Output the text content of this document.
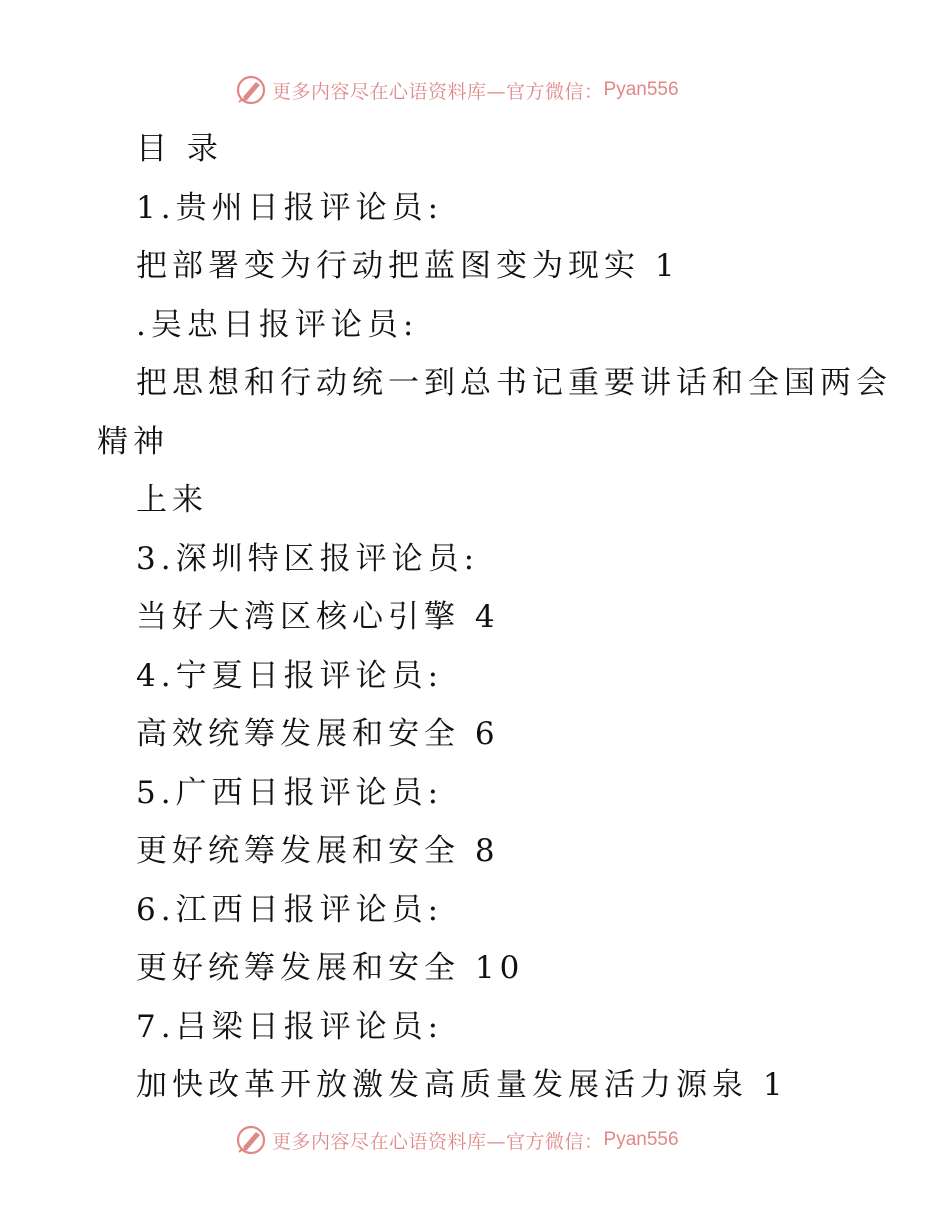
更多内容尽在心语资料库—官方微信： Pyan556
目 录
1.贵州日报评论员:
把部署变为行动把蓝图变为现实 1
.吴忠日报评论员:
把思想和行动统一到总书记重要讲话和全国两会
精神
上来
3.深圳特区报评论员:
当好大湾区核心引擎 4
4.宁夏日报评论员:
高效统筹发展和安全 6
5.广西日报评论员:
更好统筹发展和安全 8
6.江西日报评论员:
更好统筹发展和安全 10
7.吕梁日报评论员:
加快改革开放激发高质量发展活力源泉 1
更多内容尽在心语资料库—官方微信： Pyan556
